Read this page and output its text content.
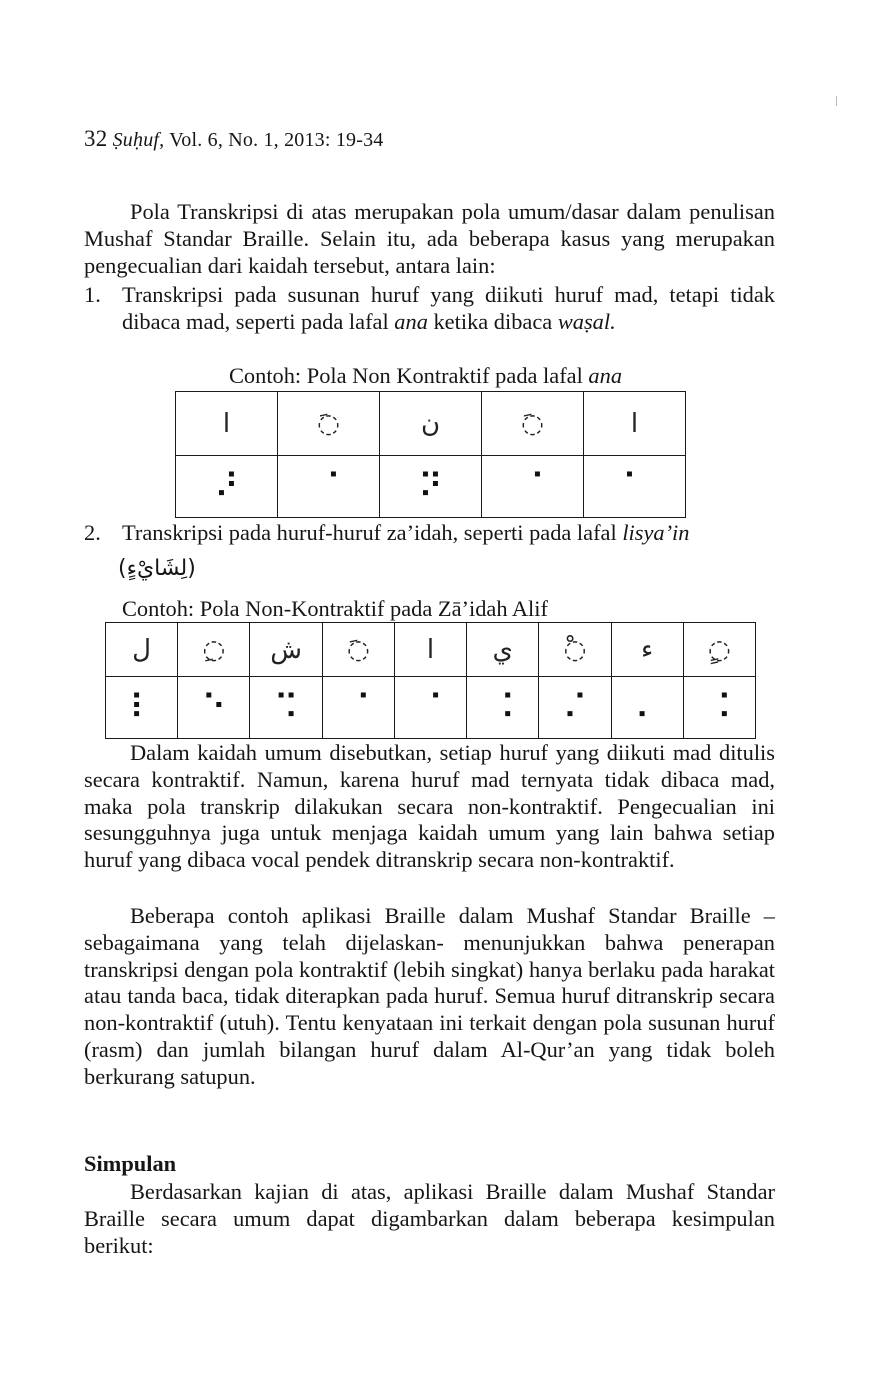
32 Ṣuḥuf, Vol. 6, No. 1, 2013: 19-34
Pola Transkripsi di atas merupakan pola umum/dasar dalam penulisan Mushaf Standar Braille. Selain itu, ada beberapa kasus yang merupakan pengecualian dari kaidah tersebut, antara lain:
1. Transkripsi pada susunan huruf yang diikuti huruf mad, tetapi tidak dibaca mad, seperti pada lafal ana ketika dibaca waṣal.
Contoh: Pola Non Kontraktif pada lafal ana
ا	◌َ	ن	◌َ	ا
⠜	⠈	⠝	⠈	⠁
2. Transkripsi pada huruf-huruf za’idah, seperti pada lafal lisya’in
(لِشَايْءٍ)
Contoh: Pola Non-Kontraktif pada Zā’idah Alif
ل	◌ِ	ش	◌َ	ا	ي	◌ْ	ء	◌ٍ
⠇	⠑	⠩	⠈	⠈	⠨	⠌	⠄	⠨
Dalam kaidah umum disebutkan, setiap huruf yang diikuti mad ditulis secara kontraktif. Namun, karena huruf mad ternyata tidak dibaca mad, maka pola transkrip dilakukan secara non-kontraktif. Pengecualian ini sesungguhnya juga untuk menjaga kaidah umum yang lain bahwa setiap huruf yang dibaca vocal pendek ditranskrip secara non-kontraktif.
Beberapa contoh aplikasi Braille dalam Mushaf Standar Braille –sebagaimana yang telah dijelaskan- menunjukkan bahwa penerapan transkripsi dengan pola kontraktif (lebih singkat) hanya berlaku pada harakat atau tanda baca, tidak diterapkan pada huruf. Semua huruf ditranskrip secara non-kontraktif (utuh). Tentu kenyataan ini terkait dengan pola susunan huruf (rasm) dan jumlah bilangan huruf dalam Al-Qur’an yang tidak boleh berkurang satupun.
Simpulan
Berdasarkan kajian di atas, aplikasi Braille dalam Mushaf Standar Braille secara umum dapat digambarkan dalam beberapa kesimpulan berikut:
